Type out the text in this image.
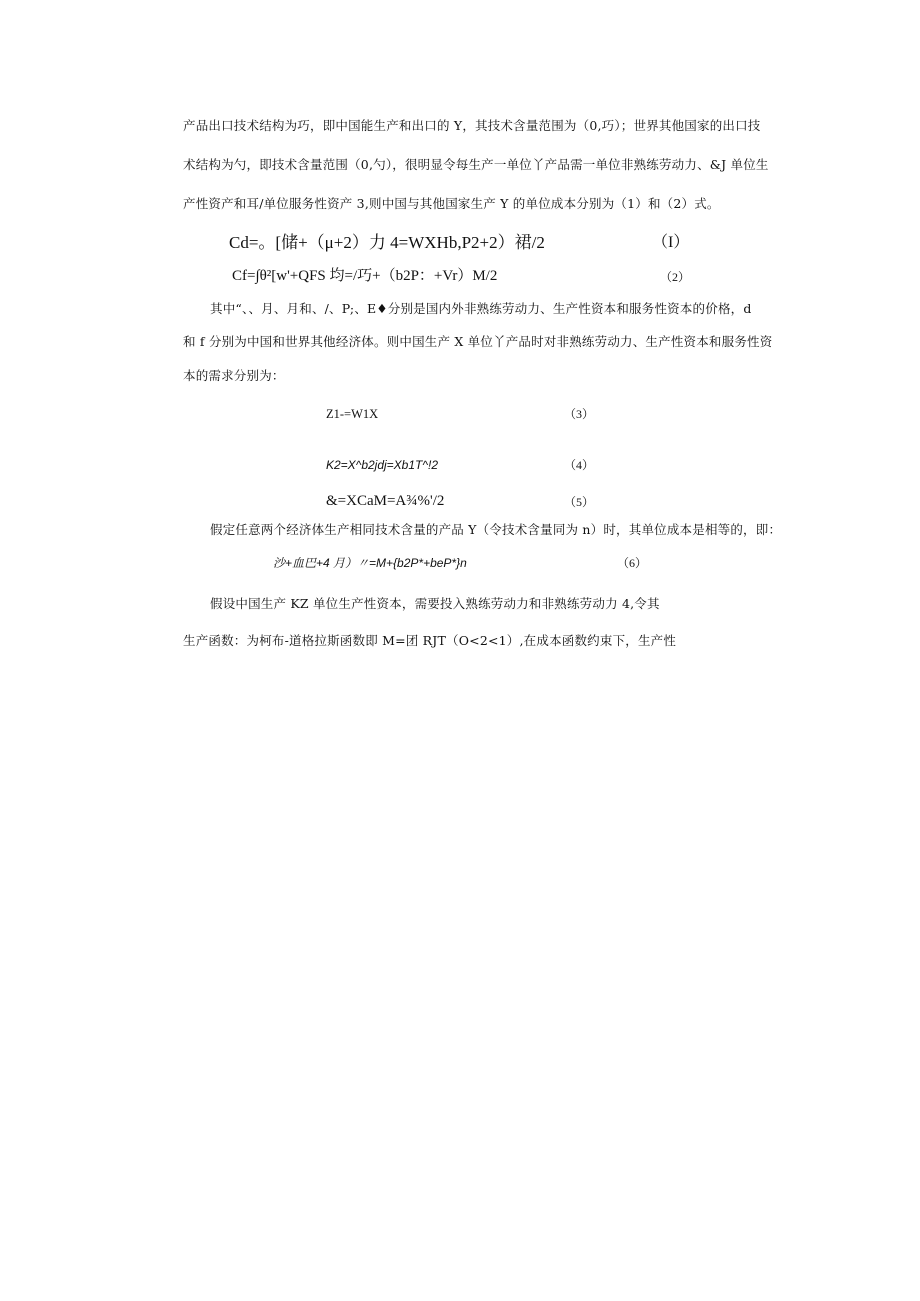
产品出口技术结构为巧，即中国能生产和出口的 Y，其技术含量范围为（0,巧）；世界其他国家的出口技
术结构为勺，即技术含量范围（0,勺），很明显令每生产一单位丫产品需一单位非熟练劳动力、&J 单位生
产性资产和耳/单位服务性资产 3,则中国与其他国家生产 Y 的单位成本分别为（1）和（2）式。
Cd=。[储+（μ+2）力 4=WXHb,P2+2）裙/2	（I）
Cf=∫θ²[w'+QFS 均=/巧+（b2P：+Vr）M/2	（2）
其中“、、月、月和、/、P;、E♦分别是国内外非熟练劳动力、生产性资本和服务性资本的价格，d
和 f 分别为中国和世界其他经济体。则中国生产 X 单位丫产品时对非熟练劳动力、生产性资本和服务性资
本的需求分别为：
Z1-=W1X	（3）
K2=X^b2jdj=Xb1T^!2	（4）
&=XCaM=A¾%'/2	（5）
假定任意两个经济体生产相同技术含量的产品 Y（令技术含量同为 n）时，其单位成本是相等的，即：
沙+血巴+4 月）〃=M+{b2P*+bеP*}n	（6）
假设中国生产 KZ 单位生产性资本，需要投入熟练劳动力和非熟练劳动力 4,令其
生产函数：为柯布-道格拉斯函数即 M=团 RJT（O<2<1）,在成本函数约束下，生产性
